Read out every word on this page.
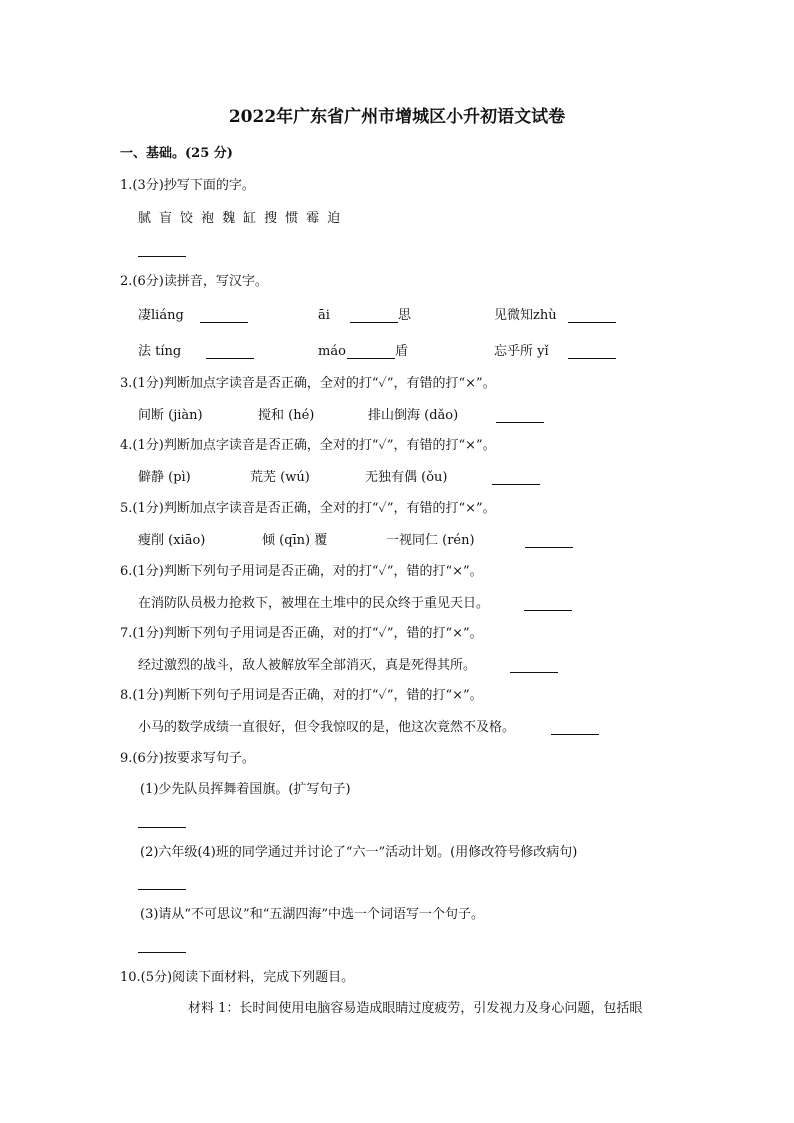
2022年广东省广州市增城区小升初语文试卷
一、基础。(25 分)
1.(3分)抄写下面的字。
腻 盲 饺 袍 魏 缸 搜 惯 霉 迫
2.(6分)读拼音，写汉字。
凄liáng	āi	思	见微知zhù
法 tíng	máo	盾	忘乎所 yǐ
3.(1分)判断加点字读音是否正确，全对的打“✓”，有错的打“×”。
间断 (jiàn)	搅和 (hé)	排山倒海 (dǎo)
4.(1分)判断加点字读音是否正确，全对的打“✓”，有错的打“×”。
僻静 (pì)	荒芜 (wú)	无独有偶 (ǒu)
5.(1分)判断加点字读音是否正确，全对的打“✓”，有错的打“×”。
瘦削 (xiāo)	倾 (qīn) 覆	一视同仁 (rén)
6.(1分)判断下列句子用词是否正确，对的打“✓”，错的打“×”。
在消防队员极力抢救下，被埋在土堆中的民众终于重见天日。
7.(1分)判断下列句子用词是否正确，对的打“✓”，错的打“×”。
经过激烈的战斗，敌人被解放军全部消灭，真是死得其所。
8.(1分)判断下列句子用词是否正确，对的打“✓”，错的打“×”。
小马的数学成绩一直很好，但令我惊叹的是，他这次竟然不及格。
9.(6分)按要求写句子。
(1)少先队员挥舞着国旗。(扩写句子)
(2)六年级(4)班的同学通过并讨论了“六一”活动计划。(用修改符号修改病句)
(3)请从“不可思议”和“五湖四海”中选一个词语写一个句子。
10.(5分)阅读下面材料，完成下列题目。
材料 1：长时间使用电脑容易造成眼睛过度疲劳，引发视力及身心问题，包括眼
